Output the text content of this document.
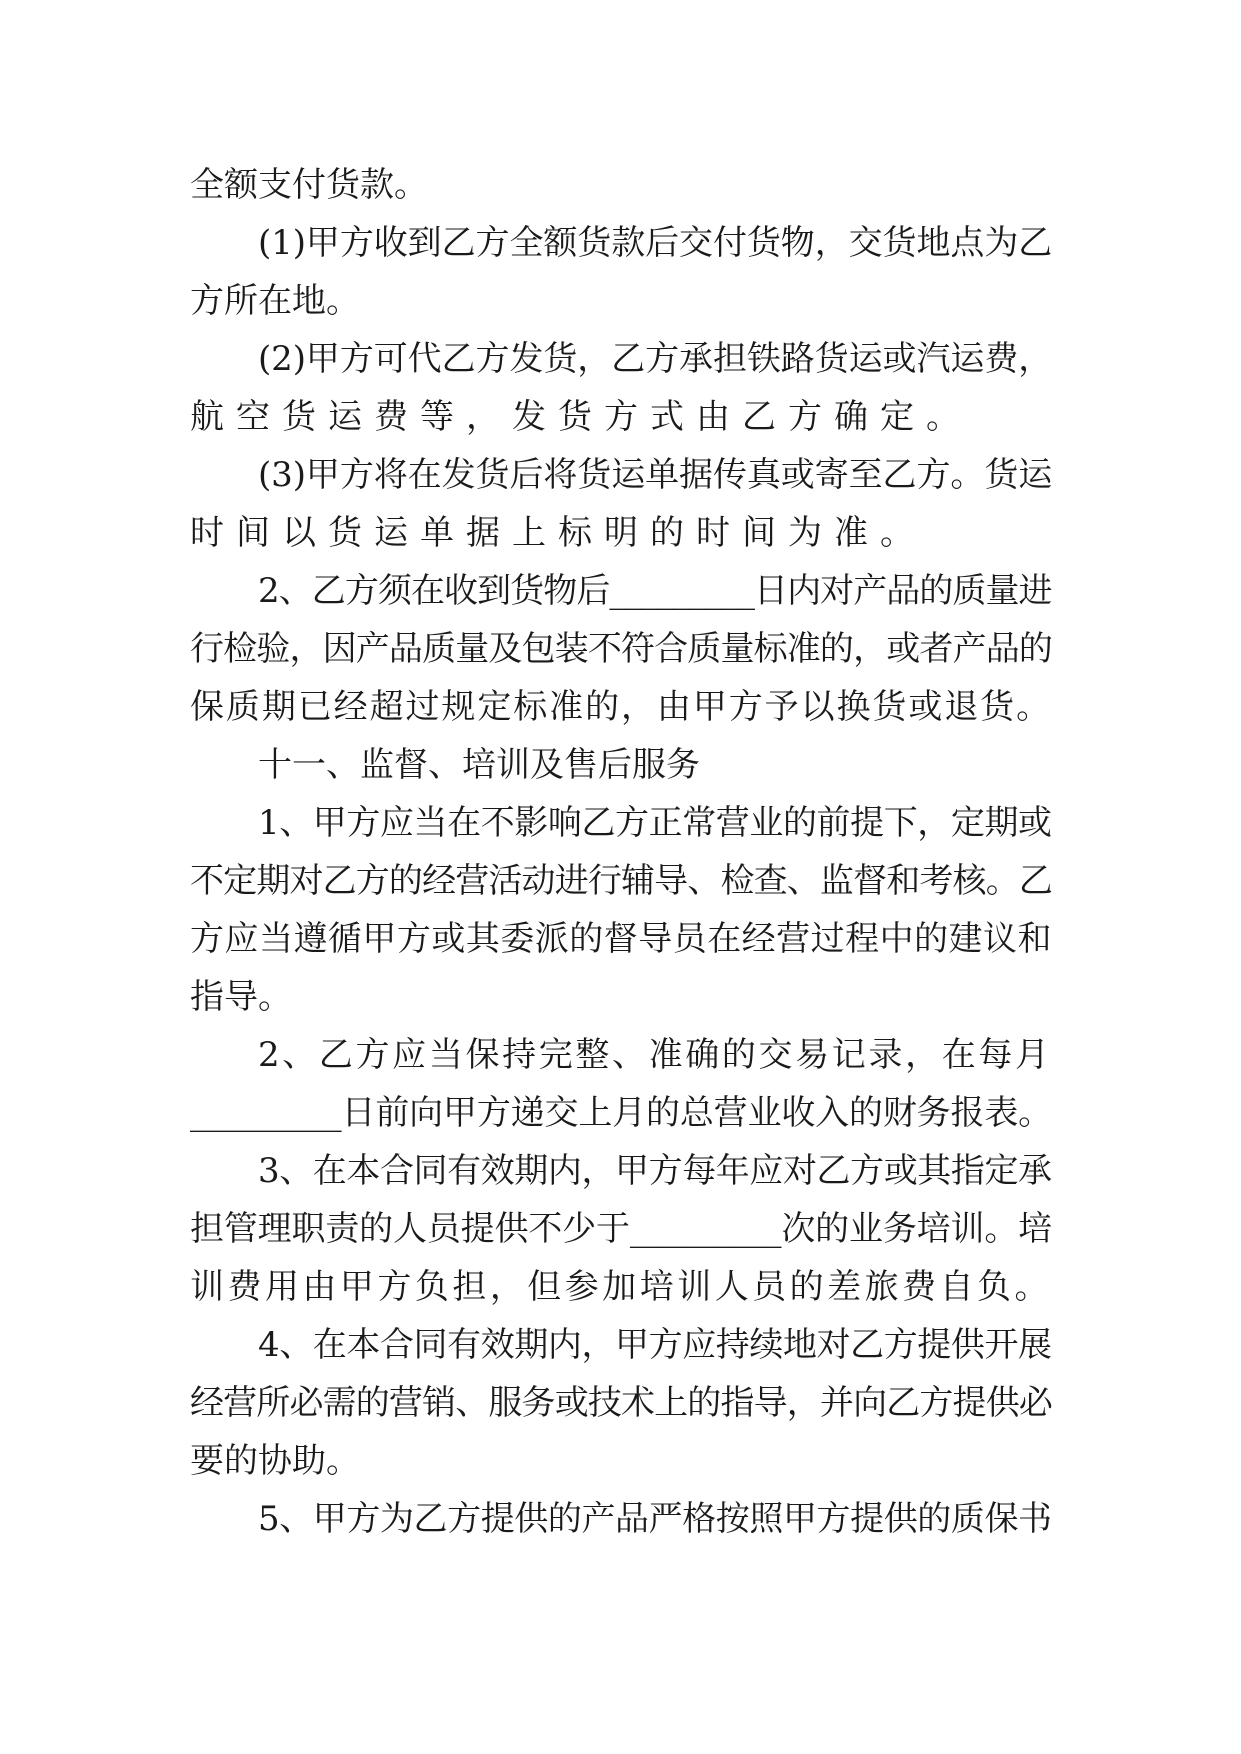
全额支付货款。
(1)甲方收到乙方全额货款后交付货物，交货地点为乙
方所在地。
(2)甲方可代乙方发货，乙方承担铁路货运或汽运费，
航空货运费等，发货方式由乙方确定。
(3)甲方将在发货后将货运单据传真或寄至乙方。货运
时间以货运单据上标明的时间为准。
2、乙方须在收到货物后_________日内对产品的质量进
行检验，因产品质量及包装不符合质量标准的，或者产品的
保质期已经超过规定标准的，由甲方予以换货或退货。
十一、监督、培训及售后服务
1、甲方应当在不影响乙方正常营业的前提下，定期或
不定期对乙方的经营活动进行辅导、检查、监督和考核。乙
方应当遵循甲方或其委派的督导员在经营过程中的建议和
指导。
2、乙方应当保持完整、准确的交易记录，在每月
_________日前向甲方递交上月的总营业收入的财务报表。
3、在本合同有效期内，甲方每年应对乙方或其指定承
担管理职责的人员提供不少于_________次的业务培训。培
训费用由甲方负担，但参加培训人员的差旅费自负。
4、在本合同有效期内，甲方应持续地对乙方提供开展
经营所必需的营销、服务或技术上的指导，并向乙方提供必
要的协助。
5、甲方为乙方提供的产品严格按照甲方提供的质保书
